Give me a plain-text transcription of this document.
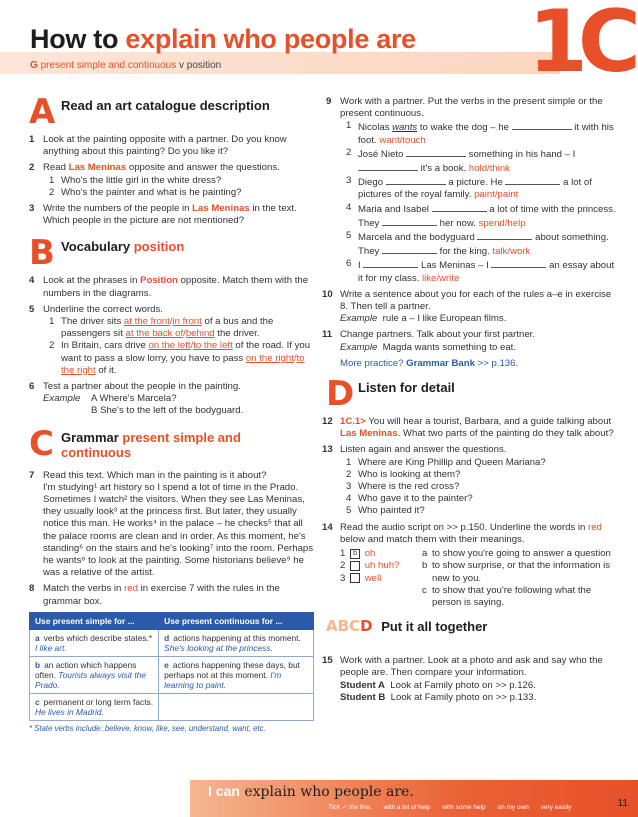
How to explain who people are
G present simple and continuous v position	1C
A Read an art catalogue description
1 Look at the painting opposite with a partner. Do you know anything about this painting? Do you like it?
2 Read Las Meninas opposite and answer the questions.
1 Who's the little girl in the white dress?
2 Who's the painter and what is he painting?
3 Write the numbers of the people in Las Meninas in the text. Which people in the picture are not mentioned?
B Vocabulary position
4 Look at the phrases in Position opposite. Match them with the numbers in the diagrams.
5 Underline the correct words.
1 The driver sits at the front/in front of a bus and the passengers sit at the back of/behind the driver.
2 In Britain, cars drive on the left/to the left of the road. If you want to pass a slow lorry, you have to pass on the right/to the right of it.
6 Test a partner about the people in the painting.
Example	A Where's Marcela?
B She's to the left of the bodyguard.
C Grammar present simple and continuous
7 Read this text. Which man in the painting is it about?
I'm studying¹ art history so I spend a lot of time in the Prado. Sometimes I watch² the visitors. When they see Las Meninas, they usually look³ at the princess first. But later, they usually notice this man. He works⁴ in the palace – he checks⁵ that all the palace rooms are clean and in order. As this moment, he's standing⁶ on the stairs and he's looking⁷ into the room. Perhaps he wants⁸ to look at the painting. Some historians believe⁹ he was a relative of the artist.
8 Match the verbs in red in exercise 7 with the rules in the grammar box.
Use present simple for ...	Use present continuous for ...
a verbs which describe states.* I like art.	d actions happening at this moment. She's looking at the princess.
b an action which happens often. Tourists always visit the Prado.	e actions happening these days, but perhaps not at this moment. I'm learning to paint.
c permanent or long term facts. He lives in Madrid.	
* State verbs include: believe, know, like, see, understand, want, etc.
9 Work with a partner. Put the verbs in the present simple or the present continuous.
1 Nicolas wants to wake the dog – he	it with his foot. want/touch
2 José Nieto	something in his hand – I  it's a book. hold/think
3 Diego	a picture. He	a lot of pictures of the royal family. paint/paint
4 Maria and Isabel	a lot of time with the princess. They	her now. spend/help
5 Marcela and the bodyguard	about something. They	for the king. talk/work
6 I	Las Meninas – I	an essay about it for my class. like/write
10 Write a sentence about you for each of the rules a–e in exercise 8. Then tell a partner.
Example rule a – I like European films.
11 Change partners. Talk about your first partner.
Example Magda wants something to eat.
More practice? Grammar Bank >> p.136.
D Listen for detail
12 1C.1> You will hear a tourist, Barbara, and a guide talking about Las Meninas. What two parts of the painting do they talk about?
13 Listen again and answer the questions.
1 Where are King Phillip and Queen Mariana?
2 Who is looking at them?
3 Where is the red cross?
4 Who gave it to the painter?
5 Who painted it?
14 Read the audio script on >> p.150. Underline the words in red below and match them with their meanings.
1 b oh
2 uh huh?
3 well
a to show you're going to answer a question
b to show surprise, or that the information is new to you.
c to show that you're following what the person is saying.
ABCD Put it all together
15 Work with a partner. Look at a photo and ask and say who the people are. Then compare your information.
Student A Look at Family photo on >> p.126.
Student B Look at Family photo on >> p.133.
I can explain who people are.
Tick ✓ the line. with a lot of help with some help on my own very easily	11
